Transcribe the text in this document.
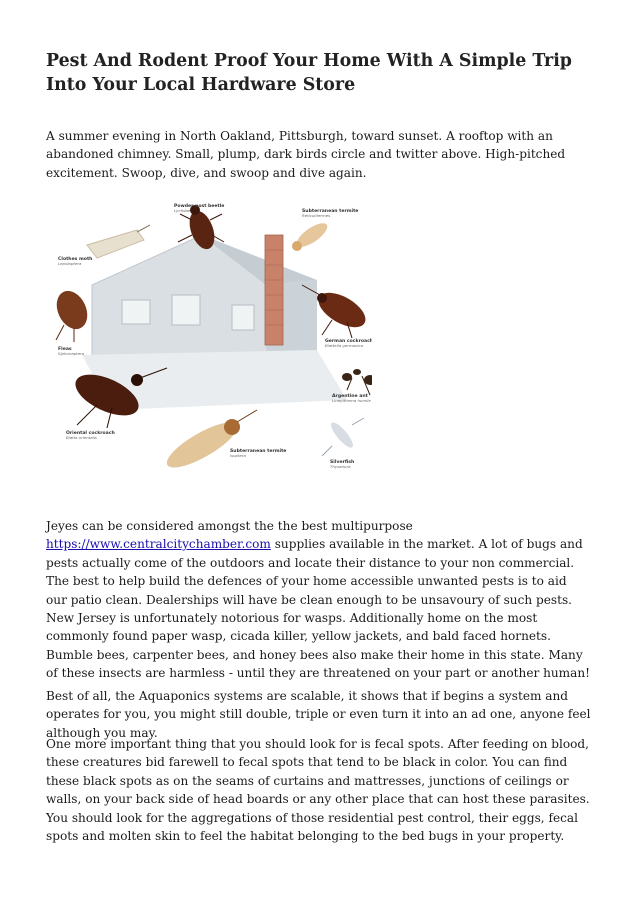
Pest And Rodent Proof Your Home With A Simple Trip Into Your Local Hardware Store

A summer evening in North Oakland, Pittsburgh, toward sunset. A rooftop with an abandoned chimney. Small, plump, dark birds circle and twitter above. High-pitched excitement. Swoop, dive, and swoop and dive again.

Powder post beetle
Lyctidae	Subterranean termite
Reticulitermes
Clothes moth
Lepidoptera
Fleas
Siphonaptera
German cockroach
Blattella germanica
Argentine ant
Linepithema humile
Oriental cockroach
Blatta orientalis
Subterranean termite
Isoptera
Silverfish
Thysanura

Jeyes can be considered amongst the the best multipurpose https://www.centralcitychamber.com supplies available in the market. A lot of bugs and pests actually come of the outdoors and locate their distance to your non commercial. The best to help build the defences of your home accessible unwanted pests is to aid our patio clean. Dealerships will have be clean enough to be unsavoury of such pests.

New Jersey is unfortunately notorious for wasps. Additionally home on the most commonly found paper wasp, cicada killer, yellow jackets, and bald faced hornets. Bumble bees, carpenter bees, and honey bees also make their home in this state. Many of these insects are harmless - until they are threatened on your part or another human!

Best of all, the Aquaponics systems are scalable, it shows that if begins a system and operates for you, you might still double, triple or even turn it into an ad one, anyone feel although you may.

One more important thing that you should look for is fecal spots. After feeding on blood, these creatures bid farewell to fecal spots that tend to be black in color. You can find these black spots as on the seams of curtains and mattresses, junctions of ceilings or walls, on your back side of head boards or any other place that can host these parasites. You should look for the aggregations of those residential pest control, their eggs, fecal spots and molten skin to feel the habitat belonging to the bed bugs in your property.
